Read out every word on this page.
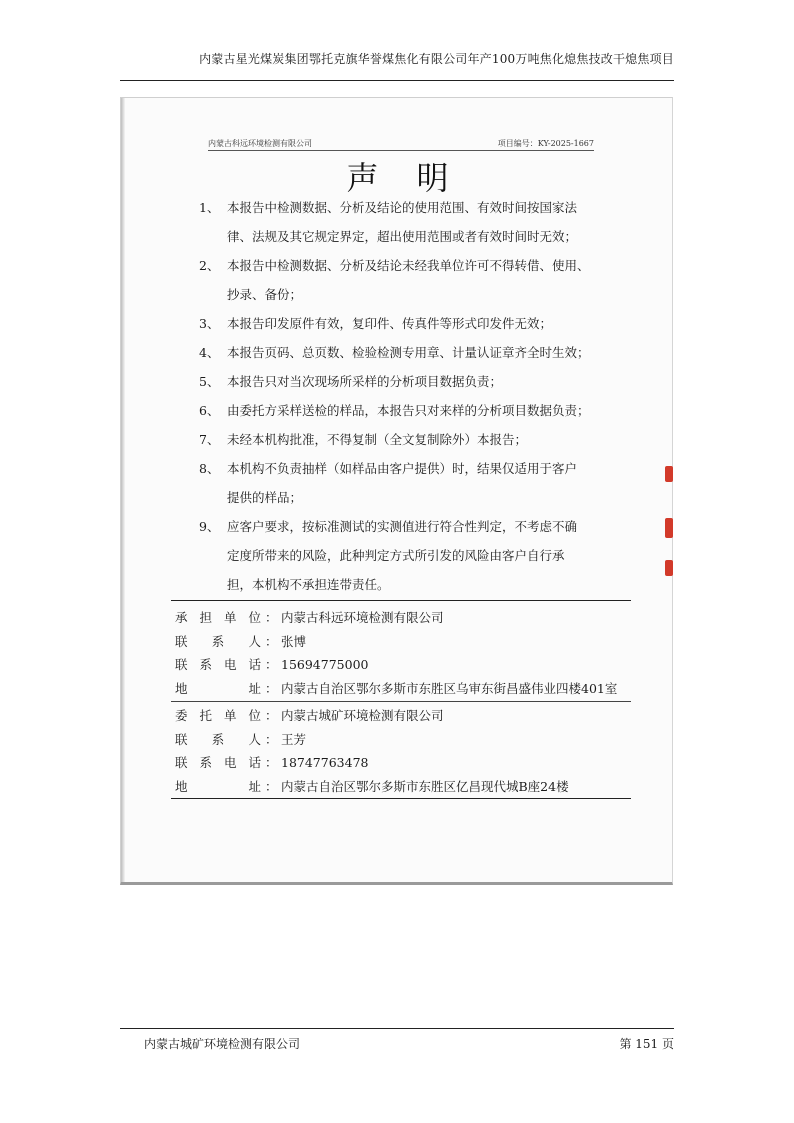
内蒙古星光煤炭集团鄂托克旗华誉煤焦化有限公司年产100万吨焦化熄焦技改干熄焦项目
内蒙古科远环境检测有限公司	项目编号：KY-2025-1667
声明
1、 本报告中检测数据、分析及结论的使用范围、有效时间按国家法
律、法规及其它规定界定，超出使用范围或者有效时间时无效；
2、 本报告中检测数据、分析及结论未经我单位许可不得转借、使用、
抄录、备份；
3、 本报告印发原件有效，复印件、传真件等形式印发件无效；
4、 本报告页码、总页数、检验检测专用章、计量认证章齐全时生效；
5、 本报告只对当次现场所采样的分析项目数据负责；
6、 由委托方采样送检的样品，本报告只对来样的分析项目数据负责；
7、 未经本机构批准，不得复制（全文复制除外）本报告；
8、 本机构不负责抽样（如样品由客户提供）时，结果仅适用于客户
提供的样品；
9、 应客户要求，按标准测试的实测值进行符合性判定，不考虑不确
定度所带来的风险，此种判定方式所引发的风险由客户自行承
担，本机构不承担连带责任。
承 担 单 位 ： 内蒙古科远环境检测有限公司
联 系 人 ： 张博
联 系 电 话 ： 15694775000
地	址 ： 内蒙古自治区鄂尔多斯市东胜区乌审东街昌盛伟业四楼401室
委 托 单 位 ： 内蒙古城矿环境检测有限公司
联 系 人 ： 王芳
联 系 电 话 ： 18747763478
地	址 ： 内蒙古自治区鄂尔多斯市东胜区亿昌现代城B座24楼
内蒙古城矿环境检测有限公司	第 151 页
